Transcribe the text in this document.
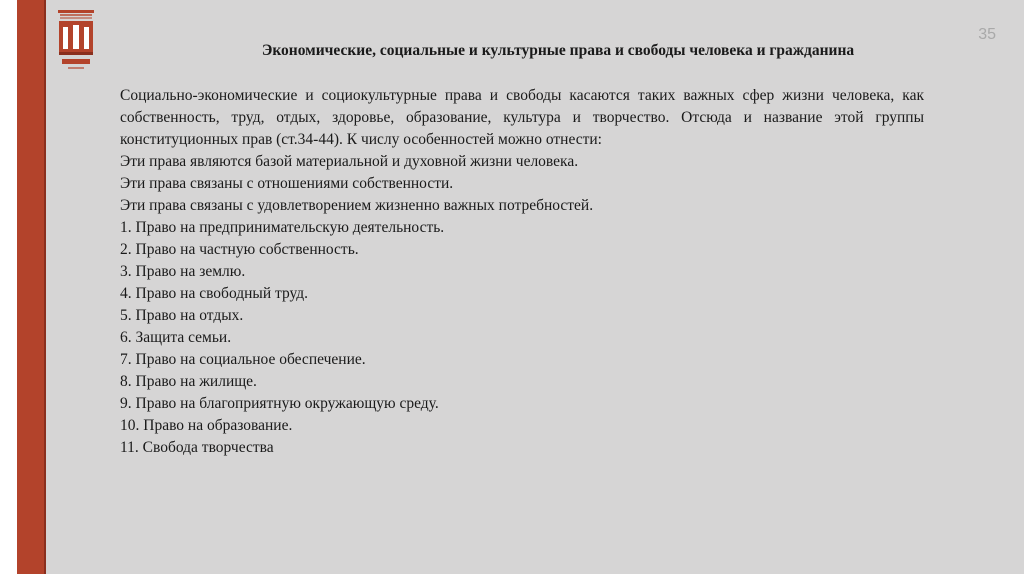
35
Экономические, социальные и культурные права и свободы человека и гражданина

Социально-экономические и социокультурные права и свободы касаются таких важных сфер жизни человека, как собственность, труд, отдых, здоровье, образование, культура и творчество. Отсюда и название этой группы конституционных прав (ст.34-44). К числу особенностей можно отнести:

Эти права являются базой материальной и духовной жизни человека.

Эти права связаны с отношениями собственности.

Эти права связаны с удовлетворением жизненно важных потребностей.

1. Право на предпринимательскую деятельность.

2. Право на частную собственность.

3. Право на землю.

4. Право на свободный труд.

5. Право на отдых.

6. Защита семьи.

7. Право на социальное обеспечение.

8. Право на жилище.

9. Право на благоприятную окружающую среду.

10. Право на образование.

11. Свобода творчества
